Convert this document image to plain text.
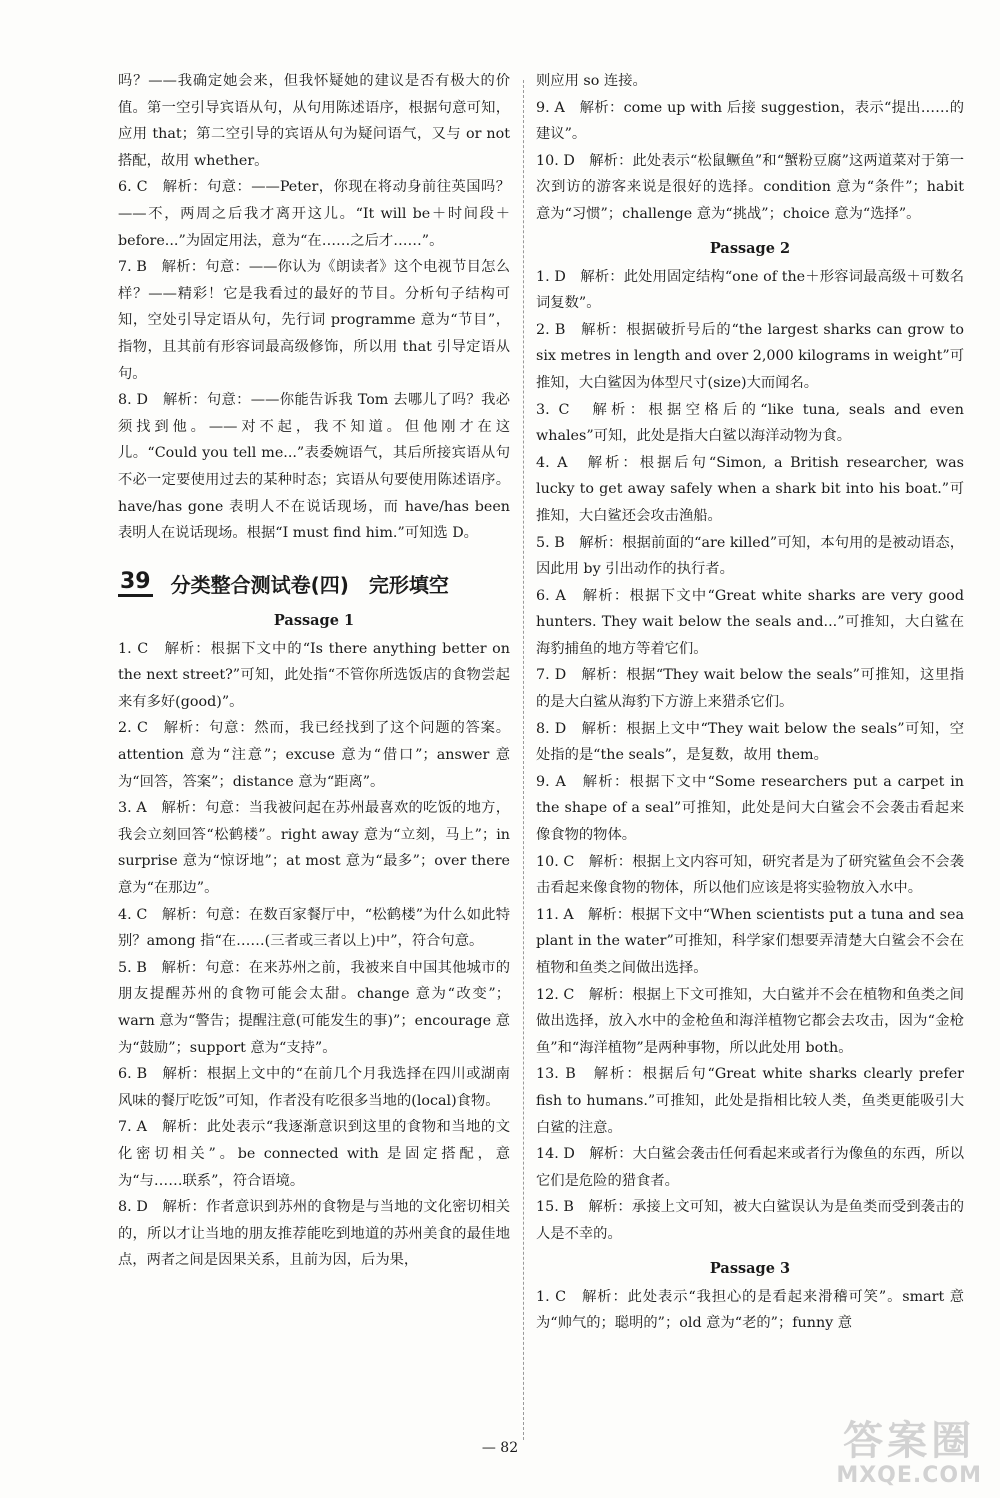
吗？——我确定她会来，但我怀疑她的建议是否有极大的价值。第一空引导宾语从句，从句用陈述语序，根据句意可知，应用 that；第二空引导的宾语从句为疑问语气，又与 or not 搭配，故用 whether。
6. C　解析：句意：——Peter，你现在将动身前往英国吗？——不，两周之后我才离开这儿。“It will be＋时间段＋before...”为固定用法，意为“在……之后才……”。
7. B　解析：句意：——你认为《朗读者》这个电视节目怎么样？——精彩！它是我看过的最好的节目。分析句子结构可知，空处引导定语从句，先行词 programme 意为“节目”，指物，且其前有形容词最高级修饰，所以用 that 引导定语从句。
8. D　解析：句意：——你能告诉我 Tom 去哪儿了吗？我必须找到他。——对不起，我不知道。但他刚才在这儿。“Could you tell me...”表委婉语气，其后所接宾语从句不必一定要使用过去的某种时态；宾语从句要使用陈述语序。have/has gone 表明人不在说话现场，而 have/has been 表明人在说话现场。根据“I must find him.”可知选 D。
39 分类整合测试卷(四)　完形填空
Passage 1
1. C　解析：根据下文中的“Is there anything better on the next street?”可知，此处指“不管你所选饭店的食物尝起来有多好(good)”。
2. C　解析：句意：然而，我已经找到了这个问题的答案。attention 意为“注意”；excuse 意为“借口”；answer 意为“回答，答案”；distance 意为“距离”。
3. A　解析：句意：当我被问起在苏州最喜欢的吃饭的地方，我会立刻回答“松鹤楼”。right away 意为“立刻，马上”；in surprise 意为“惊讶地”；at most 意为“最多”；over there 意为“在那边”。
4. C　解析：句意：在数百家餐厅中，“松鹤楼”为什么如此特别？among 指“在……(三者或三者以上)中”，符合句意。
5. B　解析：句意：在来苏州之前，我被来自中国其他城市的朋友提醒苏州的食物可能会太甜。change 意为“改变”；warn 意为“警告；提醒注意(可能发生的事)”；encourage 意为“鼓励”；support 意为“支持”。
6. B　解析：根据上文中的“在前几个月我选择在四川或湖南风味的餐厅吃饭”可知，作者没有吃很多当地的(local)食物。
7. A　解析：此处表示“我逐渐意识到这里的食物和当地的文化密切相关”。be connected with 是固定搭配，意为“与……联系”，符合语境。
8. D　解析：作者意识到苏州的食物是与当地的文化密切相关的，所以才让当地的朋友推荐能吃到地道的苏州美食的最佳地点，两者之间是因果关系，且前为因，后为果，
则应用 so 连接。
9. A　解析：come up with 后接 suggestion，表示“提出……的建议”。
10. D　解析：此处表示“松鼠鳜鱼”和“蟹粉豆腐”这两道菜对于第一次到访的游客来说是很好的选择。condition 意为“条件”；habit 意为“习惯”；challenge 意为“挑战”；choice 意为“选择”。
Passage 2
1. D　解析：此处用固定结构“one of the＋形容词最高级＋可数名词复数”。
2. B　解析：根据破折号后的“the largest sharks can grow to six metres in length and over 2,000 kilograms in weight”可推知，大白鲨因为体型尺寸(size)大而闻名。
3. C　解析：根据空格后的“like tuna, seals and even whales”可知，此处是指大白鲨以海洋动物为食。
4. A　解析：根据后句“Simon, a British researcher, was lucky to get away safely when a shark bit into his boat.”可推知，大白鲨还会攻击渔船。
5. B　解析：根据前面的“are killed”可知，本句用的是被动语态，因此用 by 引出动作的执行者。
6. A　解析：根据下文中“Great white sharks are very good hunters. They wait below the seals and...”可推知，大白鲨在海豹捕鱼的地方等着它们。
7. D　解析：根据“They wait below the seals”可推知，这里指的是大白鲨从海豹下方游上来猎杀它们。
8. D　解析：根据上文中“They wait below the seals”可知，空处指的是“the seals”，是复数，故用 them。
9. A　解析：根据下文中“Some researchers put a carpet in the shape of a seal”可推知，此处是问大白鲨会不会袭击看起来像食物的物体。
10. C　解析：根据上文内容可知，研究者是为了研究鲨鱼会不会袭击看起来像食物的物体，所以他们应该是将实验物放入水中。
11. A　解析：根据下文中“When scientists put a tuna and sea plant in the water”可推知，科学家们想要弄清楚大白鲨会不会在植物和鱼类之间做出选择。
12. C　解析：根据上下文可推知，大白鲨并不会在植物和鱼类之间做出选择，放入水中的金枪鱼和海洋植物它都会去攻击，因为“金枪鱼”和“海洋植物”是两种事物，所以此处用 both。
13. B　解析：根据后句“Great white sharks clearly prefer fish to humans.”可推知，此处是指相比较人类，鱼类更能吸引大白鲨的注意。
14. D　解析：大白鲨会袭击任何看起来或者行为像鱼的东西，所以它们是危险的猎食者。
15. B　解析：承接上文可知，被大白鲨误认为是鱼类而受到袭击的人是不幸的。
Passage 3
1. C　解析：此处表示“我担心的是看起来滑稽可笑”。smart 意为“帅气的；聪明的”；old 意为“老的”；funny 意
— 82	答案圈
MXQE.COM
